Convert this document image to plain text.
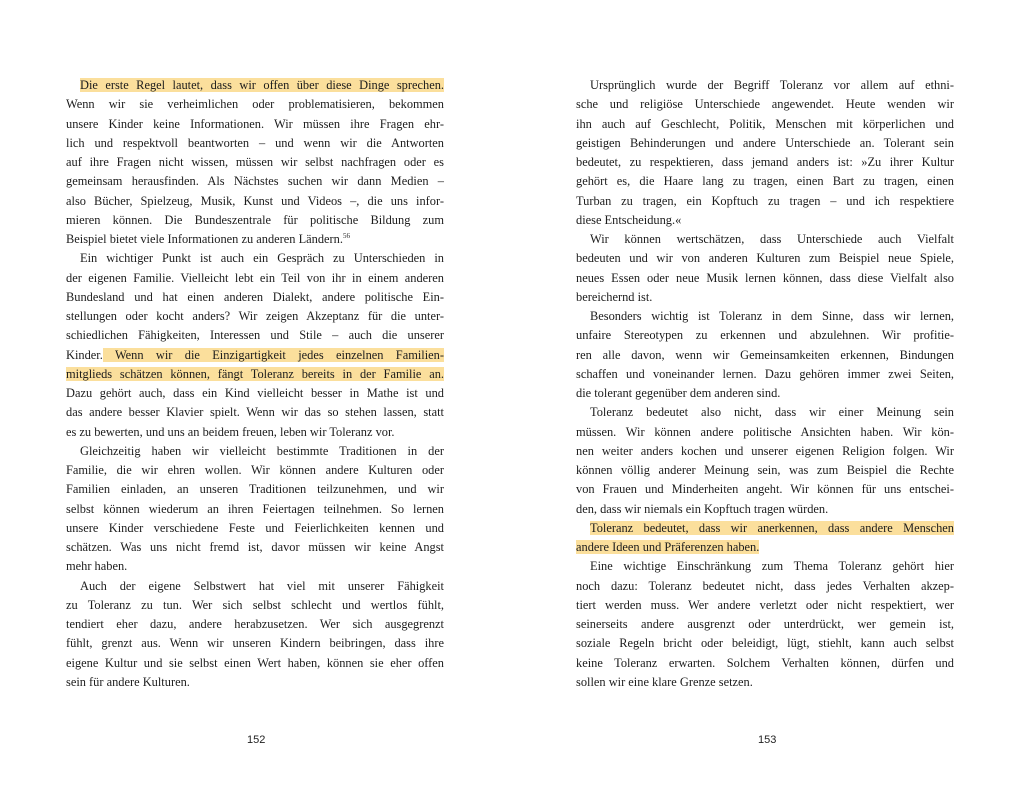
Die erste Regel lautet, dass wir offen über diese Dinge sprechen.
Wenn wir sie verheimlichen oder problematisieren, bekommen
unsere Kinder keine Informationen. Wir müssen ihre Fragen ehr-
lich und respektvoll beantworten – und wenn wir die Antworten
auf ihre Fragen nicht wissen, müssen wir selbst nachfragen oder es
gemeinsam herausfinden. Als Nächstes suchen wir dann Medien –
also Bücher, Spielzeug, Musik, Kunst und Videos –, die uns infor-
mieren können. Die Bundeszentrale für politische Bildung zum
Beispiel bietet viele Informationen zu anderen Ländern.$^{56}$
Ein wichtiger Punkt ist auch ein Gespräch zu Unterschieden in
der eigenen Familie. Vielleicht lebt ein Teil von ihr in einem anderen
Bundesland und hat einen anderen Dialekt, andere politische Ein-
stellungen oder kocht anders? Wir zeigen Akzeptanz für die unter-
schiedlichen Fähigkeiten, Interessen und Stile – auch die unserer
Kinder. Wenn wir die Einzigartigkeit jedes einzelnen Familien-
mitglieds schätzen können, fängt Toleranz bereits in der Familie an.
Dazu gehört auch, dass ein Kind vielleicht besser in Mathe ist und
das andere besser Klavier spielt. Wenn wir das so stehen lassen, statt
es zu bewerten, und uns an beidem freuen, leben wir Toleranz vor.
Gleichzeitig haben wir vielleicht bestimmte Traditionen in der
Familie, die wir ehren wollen. Wir können andere Kulturen oder
Familien einladen, an unseren Traditionen teilzunehmen, und wir
selbst können wiederum an ihren Feiertagen teilnehmen. So lernen
unsere Kinder verschiedene Feste und Feierlichkeiten kennen und
schätzen. Was uns nicht fremd ist, davor müssen wir keine Angst
mehr haben.
Auch der eigene Selbstwert hat viel mit unserer Fähigkeit
zu Toleranz zu tun. Wer sich selbst schlecht und wertlos fühlt,
tendiert eher dazu, andere herabzusetzen. Wer sich ausgegrenzt
fühlt, grenzt aus. Wenn wir unseren Kindern beibringen, dass ihre
eigene Kultur und sie selbst einen Wert haben, können sie eher offen
sein für andere Kulturen.
152
Ursprünglich wurde der Begriff Toleranz vor allem auf ethni-
sche und religiöse Unterschiede angewendet. Heute wenden wir
ihn auch auf Geschlecht, Politik, Menschen mit körperlichen und
geistigen Behinderungen und andere Unterschiede an. Tolerant sein
bedeutet, zu respektieren, dass jemand anders ist: »Zu ihrer Kultur
gehört es, die Haare lang zu tragen, einen Bart zu tragen, einen
Turban zu tragen, ein Kopftuch zu tragen – und ich respektiere
diese Entscheidung.«
Wir können wertschätzen, dass Unterschiede auch Vielfalt
bedeuten und wir von anderen Kulturen zum Beispiel neue Spiele,
neues Essen oder neue Musik lernen können, dass diese Vielfalt also
bereichernd ist.
Besonders wichtig ist Toleranz in dem Sinne, dass wir lernen,
unfaire Stereotypen zu erkennen und abzulehnen. Wir profitie-
ren alle davon, wenn wir Gemeinsamkeiten erkennen, Bindungen
schaffen und voneinander lernen. Dazu gehören immer zwei Seiten,
die tolerant gegenüber dem anderen sind.
Toleranz bedeutet also nicht, dass wir einer Meinung sein
müssen. Wir können andere politische Ansichten haben. Wir kön-
nen weiter anders kochen und unserer eigenen Religion folgen. Wir
können völlig anderer Meinung sein, was zum Beispiel die Rechte
von Frauen und Minderheiten angeht. Wir können für uns entschei-
den, dass wir niemals ein Kopftuch tragen würden.
Toleranz bedeutet, dass wir anerkennen, dass andere Menschen
andere Ideen und Präferenzen haben.
Eine wichtige Einschränkung zum Thema Toleranz gehört hier
noch dazu: Toleranz bedeutet nicht, dass jedes Verhalten akzep-
tiert werden muss. Wer andere verletzt oder nicht respektiert, wer
seinerseits andere ausgrenzt oder unterdrückt, wer gemein ist,
soziale Regeln bricht oder beleidigt, lügt, stiehlt, kann auch selbst
keine Toleranz erwarten. Solchem Verhalten können, dürfen und
sollen wir eine klare Grenze setzen.
153
